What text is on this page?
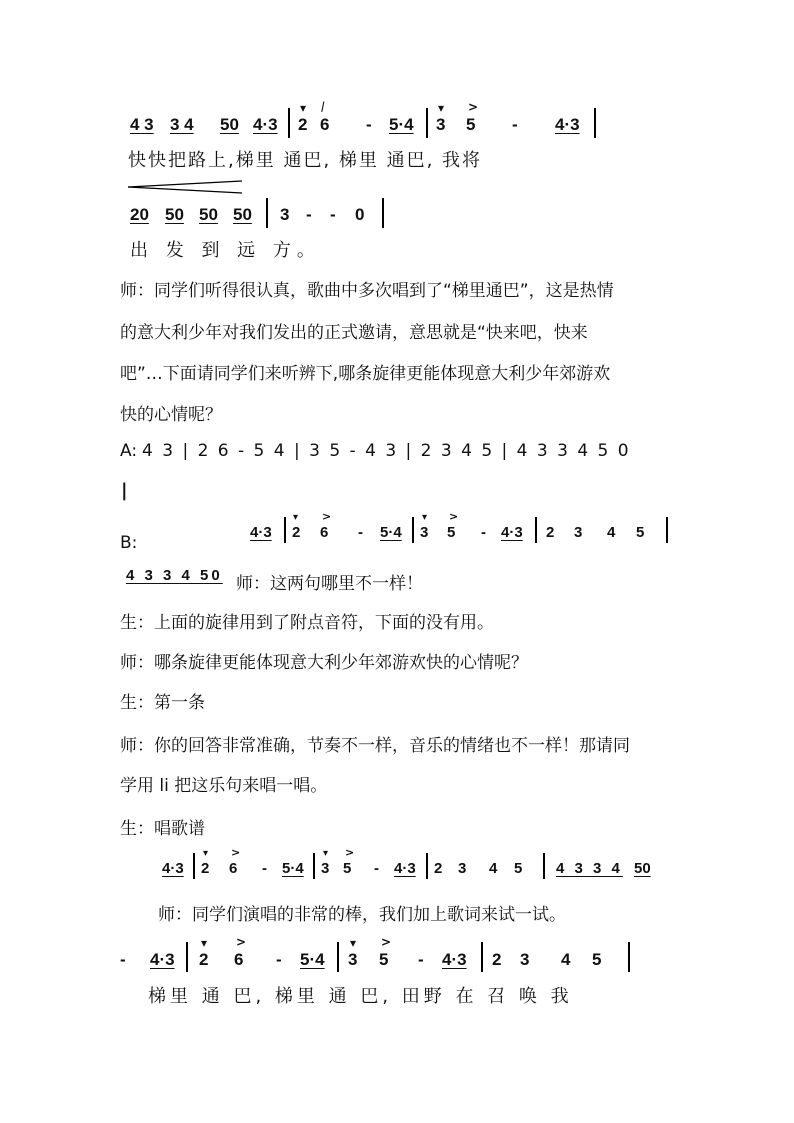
4 3 3 4 50 4·3
▾
2
⁄
6 - 5·4
▾
3
>
5 - 4·3
快快把路上,梯里 通巴, 梯里 通巴, 我将
20 50 50 50 3 - - 0
出 发 到 远 方。
师：同学们听得很认真，歌曲中多次唱到了“梯里通巴”，这是热情
的意大利少年对我们发出的正式邀请，意思就是“快来吧，快来
吧”…下面请同学们来听辨下,哪条旋律更能体现意大利少年郊游欢
快的心情呢？
A: 4 3 | 2 6 - 5 4 | 3 5 - 4 3 | 2 3 4 5 | 4 3 3 4 5 0
|
B:
4·3
▾
2
>
6 - 5·4
▾
3
>
5 - 4·3 2 3 4 5
4 3 3 4 50 师：这两句哪里不一样！
生：上面的旋律用到了附点音符，下面的没有用。
师：哪条旋律更能体现意大利少年郊游欢快的心情呢？
生：第一条
师：你的回答非常准确，节奏不一样，音乐的情绪也不一样！那请同
学用 li 把这乐句来唱一唱。
生：唱歌谱
4·3
▾
2
>
6 - 5·4
▾
3
>
5 - 4·3 2 3 4 5 4 3 3 4 50
师：同学们演唱的非常的棒，我们加上歌词来试一试。
- 4·3
▾
2
>
6 - 5·4
▾
3
>
5 - 4·3 2 3 4 5
梯里 通 巴, 梯里 通 巴, 田野 在 召 唤 我
